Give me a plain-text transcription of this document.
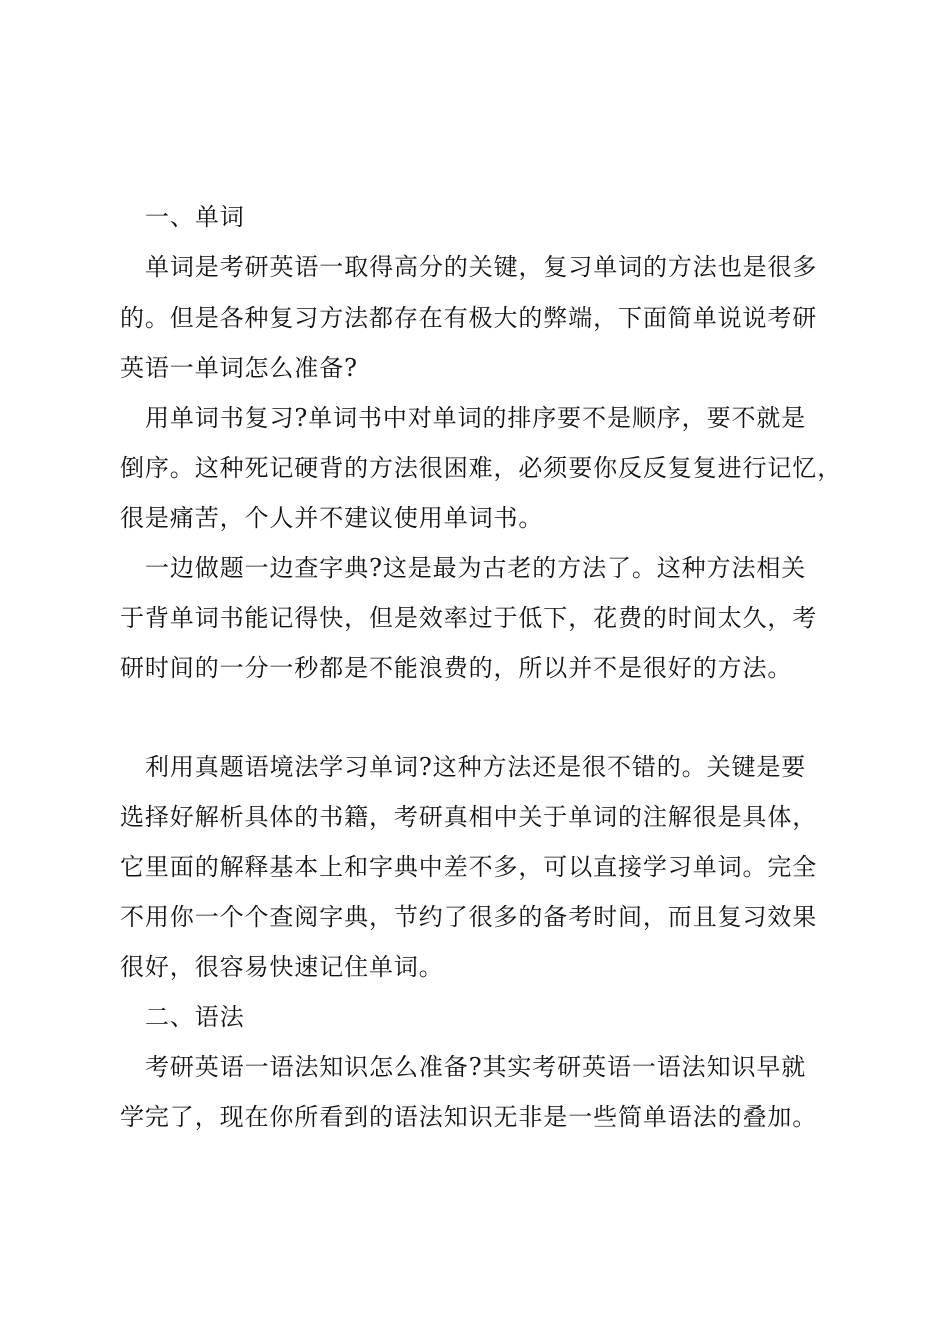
一、单词
单词是考研英语一取得高分的关键，复习单词的方法也是很多
的。但是各种复习方法都存在有极大的弊端，下面简单说说考研
英语一单词怎么准备?
用单词书复习?单词书中对单词的排序要不是顺序，要不就是
倒序。这种死记硬背的方法很困难，必须要你反反复复进行记忆，
很是痛苦，个人并不建议使用单词书。
一边做题一边查字典?这是最为古老的方法了。这种方法相关
于背单词书能记得快，但是效率过于低下，花费的时间太久，考
研时间的一分一秒都是不能浪费的，所以并不是很好的方法。
利用真题语境法学习单词?这种方法还是很不错的。关键是要
选择好解析具体的书籍，考研真相中关于单词的注解很是具体，
它里面的解释基本上和字典中差不多，可以直接学习单词。完全
不用你一个个查阅字典，节约了很多的备考时间，而且复习效果
很好，很容易快速记住单词。
二、语法
考研英语一语法知识怎么准备?其实考研英语一语法知识早就
学完了，现在你所看到的语法知识无非是一些简单语法的叠加。
